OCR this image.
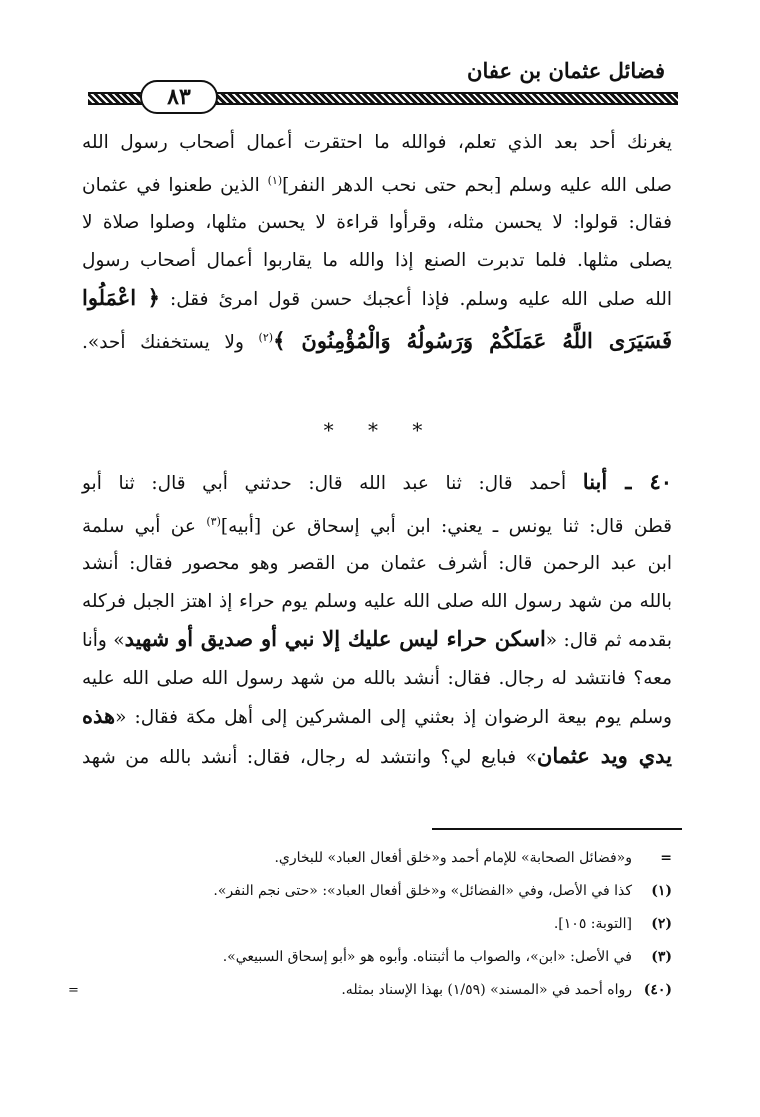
فضائل عثمان بن عفان
٨٣
يغرنك أحد بعد الذي تعلم، فوالله ما احتقرت أعمال أصحاب رسول الله
صلى الله عليه وسلم [بحم حتى نحب الدهر النفر]$^{(١)}$ الذين طعنوا في عثمان
فقال: قولوا: لا يحسن مثله، وقرأوا قراءة لا يحسن مثلها، وصلوا صلاة لا
يصلى مثلها. فلما تدبرت الصنع إذا والله ما يقاربوا أعمال أصحاب رسول
الله صلى الله عليه وسلم. فإذا أعجبك حسن قول امرئ فقل: ﴿ اعْمَلُوا
فَسَيَرَى اللَّهُ عَمَلَكُمْ وَرَسُولُهُ وَالْمُؤْمِنُونَ ﴾$^{(٢)}$ ولا يستخفنك أحد».
* * *
٤٠ ـ أبنا أحمد قال: ثنا عبد الله قال: حدثني أبي قال: ثنا أبو
قطن قال: ثنا يونس ـ يعني: ابن أبي إسحاق عن [أبيه]$^{(٣)}$ عن أبي سلمة
ابن عبد الرحمن قال: أشرف عثمان من القصر وهو محصور فقال: أنشد
بالله من شهد رسول الله صلى الله عليه وسلم يوم حراء إذ اهتز الجبل فركله
بقدمه ثم قال: «اسكن حراء ليس عليك إلا نبي أو صديق أو شهيد» وأنا
معه؟ فانتشد له رجال. فقال: أنشد بالله من شهد رسول الله صلى الله عليه
وسلم يوم بيعة الرضوان إذ بعثني إلى المشركين إلى أهل مكة فقال: «هذه
يدي ويد عثمان» فبايع لي؟ وانتشد له رجال، فقال: أنشد بالله من شهد
=و«فضائل الصحابة» للإمام أحمد و«خلق أفعال العباد» للبخاري.
(١)كذا في الأصل، وفي «الفضائل» و«خلق أفعال العباد»: «حتى نجم النفر».
(٢)[التوبة: ١٠٥].
(٣)في الأصل: «ابن»، والصواب ما أثبتناه. وأبوه هو «أبو إسحاق السبيعي».
(٤٠)رواه أحمد في «المسند» (١/٥٩) بهذا الإسناد بمثله.
=
